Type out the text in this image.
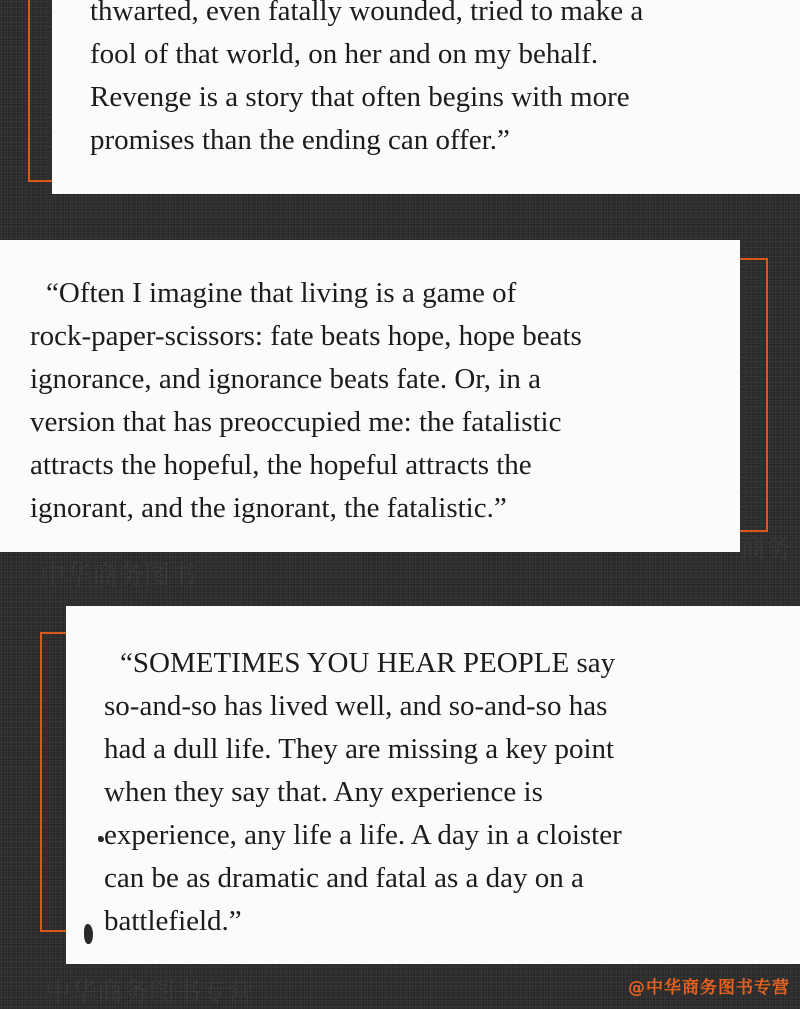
中华商务图书
商务
中华商务图书专营

thwarted, even fatally wounded, tried to make a
fool of that world, on her and on my behalf.
Revenge is a story that often begins with more
promises than the ending can offer.”

“Often I imagine that living is a game of
rock-paper-scissors: fate beats hope, hope beats
ignorance, and ignorance beats fate. Or, in a
version that has preoccupied me: the fatalistic
attracts the hopeful, the hopeful attracts the
ignorant, and the ignorant, the fatalistic.”

“SOMETIMES YOU HEAR PEOPLE say
so-and-so has lived well, and so-and-so has
had a dull life. They are missing a key point
when they say that. Any experience is
experience, any life a life. A day in a cloister
can be as dramatic and fatal as a day on a
battlefield.”

@中华商务图书专营
